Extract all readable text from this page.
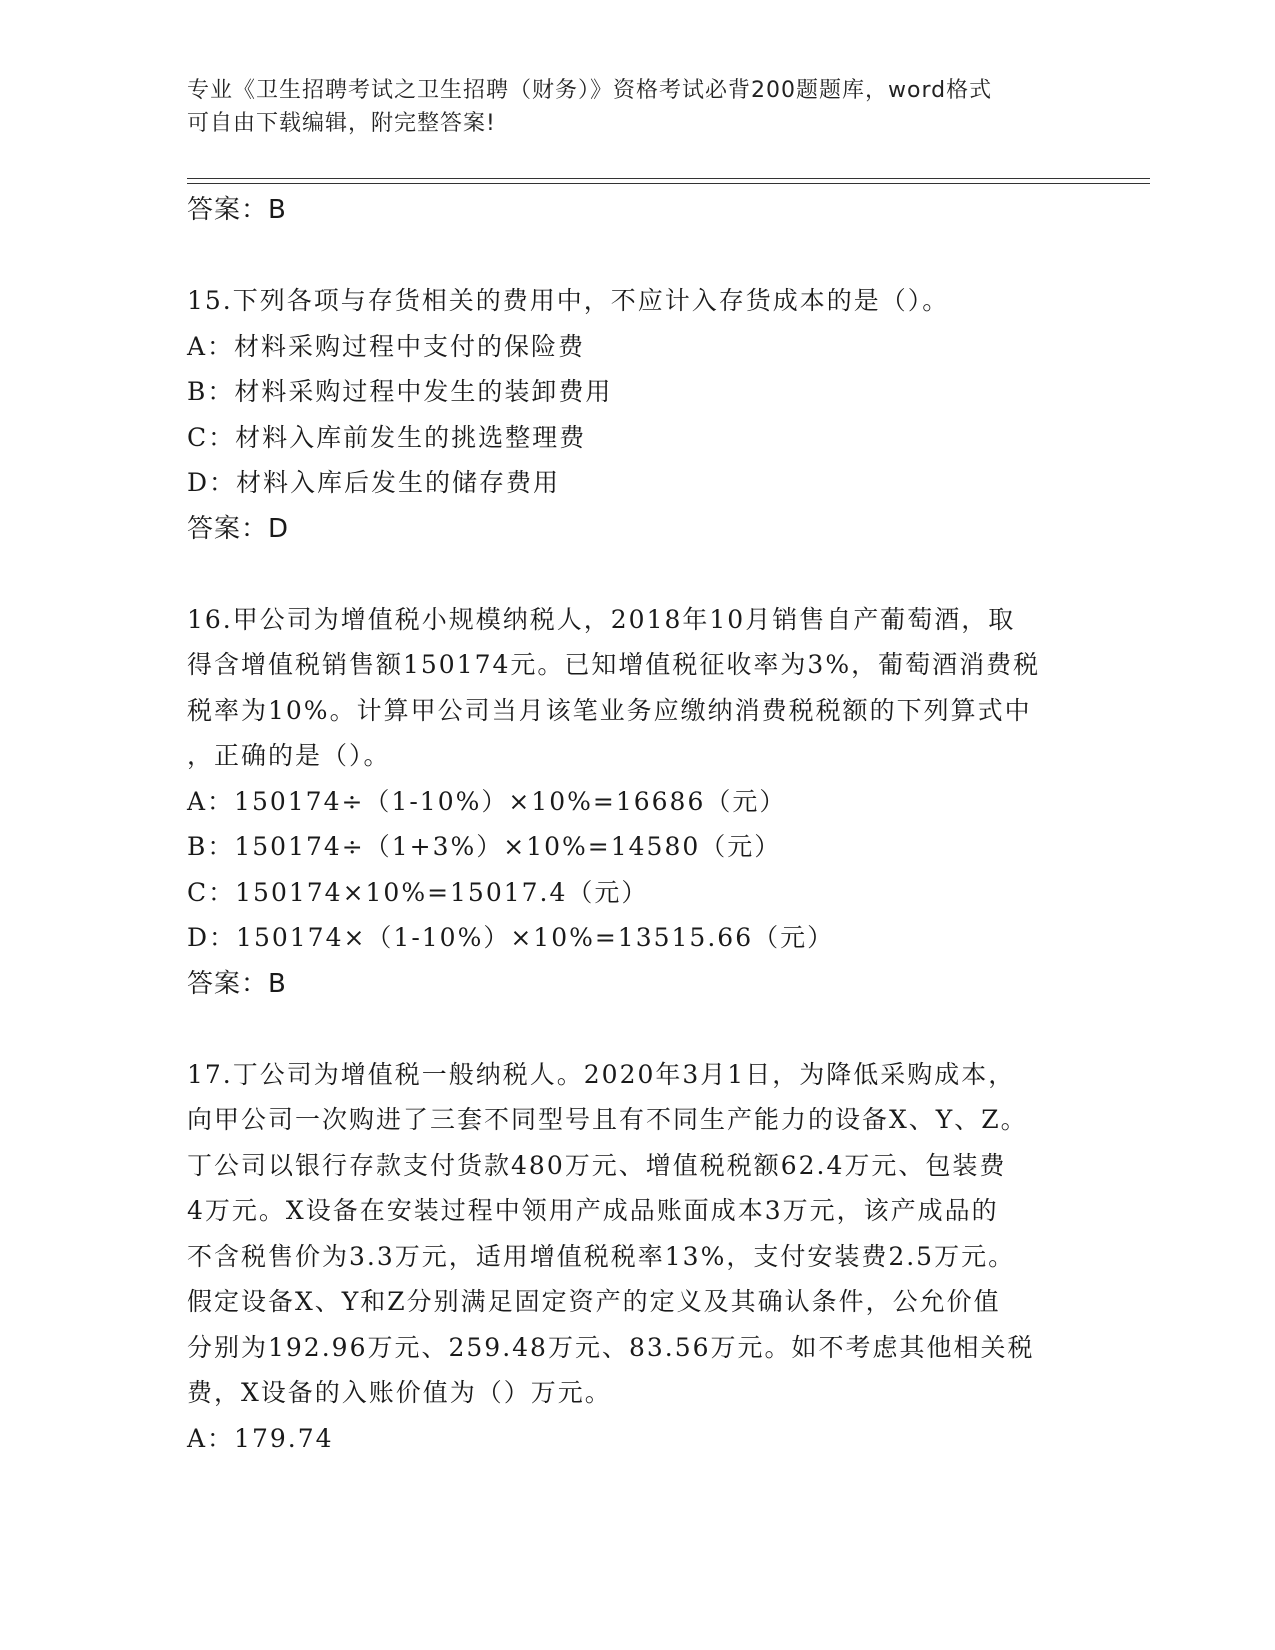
专业《卫生招聘考试之卫生招聘（财务）》资格考试必背200题题库，word格式
可自由下载编辑，附完整答案!
答案：B
15.下列各项与存货相关的费用中，不应计入存货成本的是（）。
A：材料采购过程中支付的保险费
B：材料采购过程中发生的装卸费用
C：材料入库前发生的挑选整理费
D：材料入库后发生的储存费用
答案：D
16.甲公司为增值税小规模纳税人，2018年10月销售自产葡萄酒，取
得含增值税销售额150174元。已知增值税征收率为3%，葡萄酒消费税
税率为10%。计算甲公司当月该笔业务应缴纳消费税税额的下列算式中
，正确的是（）。
A：150174÷（1-10%）×10%=16686（元）
B：150174÷（1+3%）×10%=14580（元）
C：150174×10%=15017.4（元）
D：150174×（1-10%）×10%=13515.66（元）
答案：B
17.丁公司为增值税一般纳税人。2020年3月1日，为降低采购成本，
向甲公司一次购进了三套不同型号且有不同生产能力的设备X、Y、Z。
丁公司以银行存款支付货款480万元、增值税税额62.4万元、包装费
4万元。X设备在安装过程中领用产成品账面成本3万元，该产成品的
不含税售价为3.3万元，适用增值税税率13%，支付安装费2.5万元。
假定设备X、Y和Z分别满足固定资产的定义及其确认条件，公允价值
分别为192.96万元、259.48万元、83.56万元。如不考虑其他相关税
费，X设备的入账价值为（）万元。
A：179.74
